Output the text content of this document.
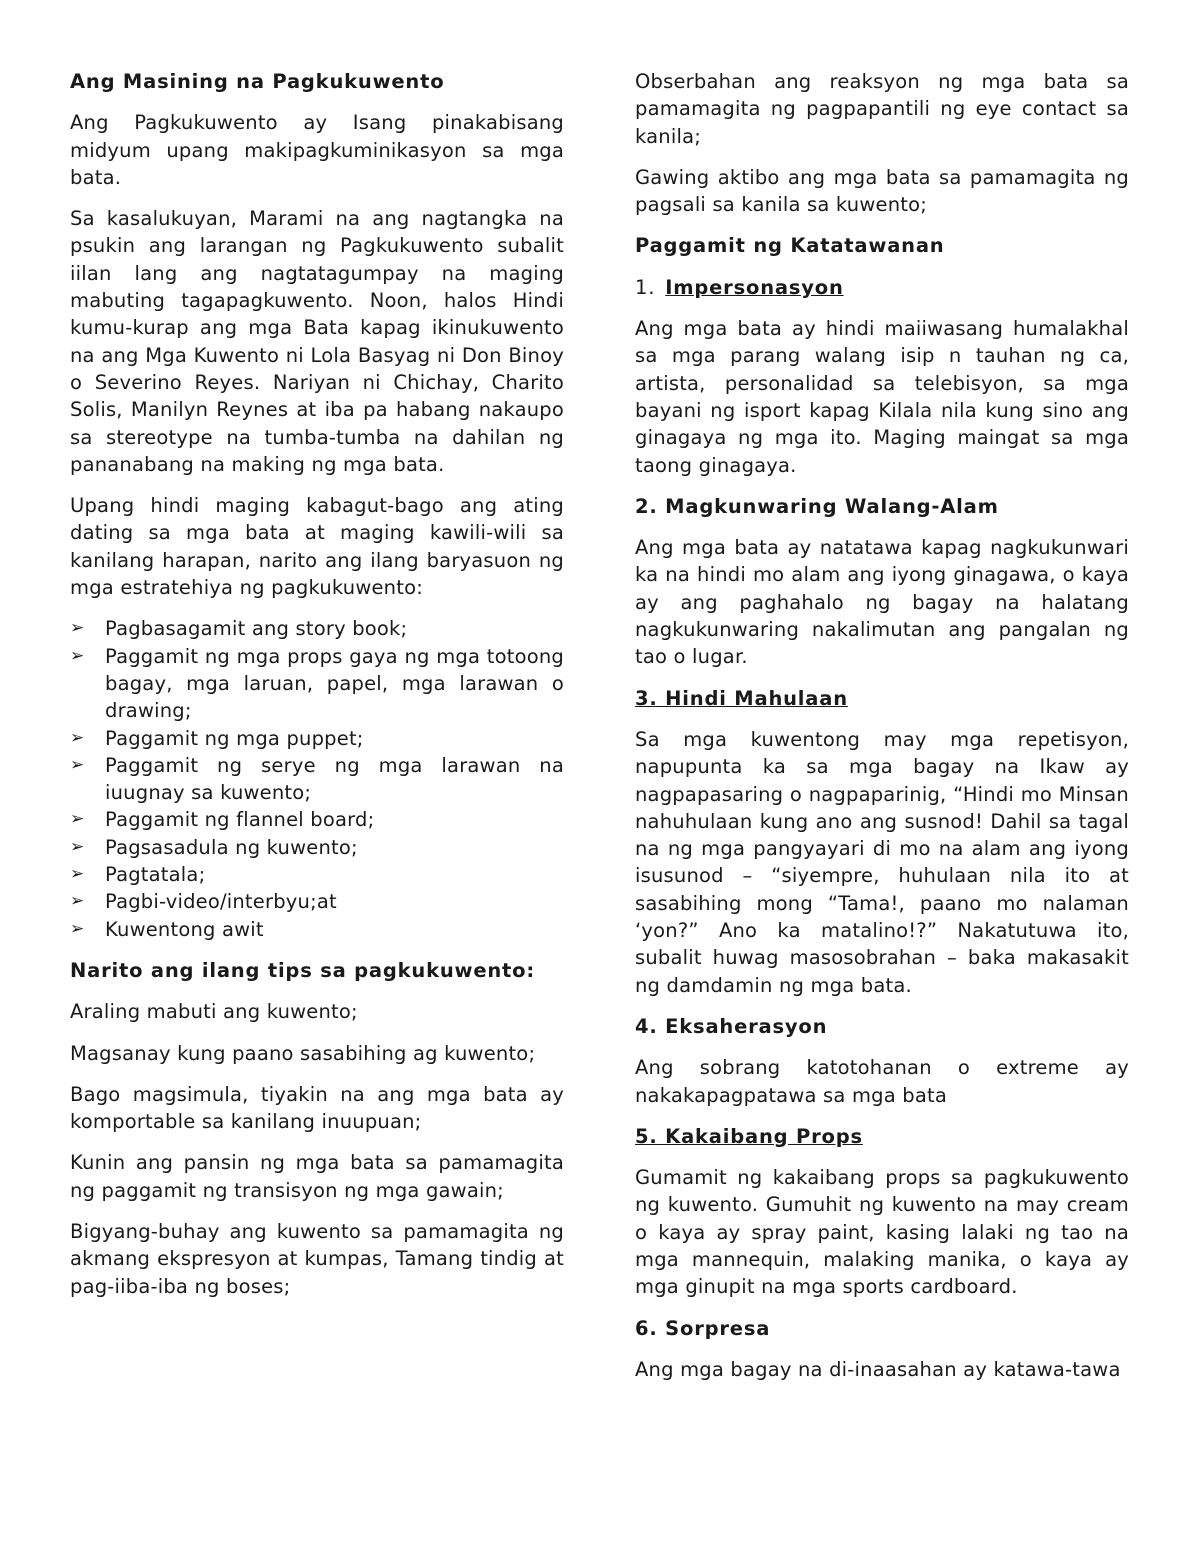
Ang Masining na Pagkukuwento

Ang Pagkukuwento ay Isang pinakabisang midyum upang makipagkuminikasyon sa mga bata.

Sa kasalukuyan, Marami na ang nagtangka na psukin ang larangan ng Pagkukuwento subalit iilan lang ang nagtatagumpay na maging mabuting tagapagkuwento. Noon, halos Hindi kumu-kurap ang mga Bata kapag ikinukuwento na ang Mga Kuwento ni Lola Basyag ni Don Binoy o Severino Reyes. Nariyan ni Chichay, Charito Solis, Manilyn Reynes at iba pa habang nakaupo sa stereotype na tumba-tumba na dahilan ng pananabang na making ng mga bata.

Upang hindi maging kabagut-bago ang ating dating sa mga bata at maging kawili-wili sa kanilang harapan, narito ang ilang baryasuon ng mga estratehiya ng pagkukuwento:

➢ Pagbasagamit ang story book;
➢ Paggamit ng mga props gaya ng mga totoong bagay, mga laruan, papel, mga larawan o drawing;
➢ Paggamit ng mga puppet;
➢ Paggamit ng serye ng mga larawan na iuugnay sa kuwento;
➢ Paggamit ng flannel board;
➢ Pagsasadula ng kuwento;
➢ Pagtatala;
➢ Pagbi-video/interbyu;at
➢ Kuwentong awit
Narito ang ilang tips sa pagkukuwento:

Araling mabuti ang kuwento;

Magsanay kung paano sasabihing ag kuwento;

Bago magsimula, tiyakin na ang mga bata ay komportable sa kanilang inuupuan;

Kunin ang pansin ng mga bata sa pamamagita ng paggamit ng transisyon ng mga gawain;

Bigyang-buhay ang kuwento sa pamamagita ng akmang ekspresyon at kumpas, Tamang tindig at pag-iiba-iba ng boses;

Obserbahan ang reaksyon ng mga bata sa pamamagita ng pagpapantili ng eye contact sa kanila;

Gawing aktibo ang mga bata sa pamamagita ng pagsali sa kanila sa kuwento;

Paggamit ng Katatawanan
1. Impersonasyon

Ang mga bata ay hindi maiiwasang humalakhal sa mga parang walang isip n tauhan ng ca, artista, personalidad sa telebisyon, sa mga bayani ng isport kapag Kilala nila kung sino ang ginagaya ng mga ito. Maging maingat sa mga taong ginagaya.

2. Magkunwaring Walang-Alam

Ang mga bata ay natatawa kapag nagkukunwari ka na hindi mo alam ang iyong ginagawa, o kaya ay ang paghahalo ng bagay na halatang nagkukunwaring nakalimutan ang pangalan ng tao o lugar.

3. Hindi Mahulaan

Sa mga kuwentong may mga repetisyon, napupunta ka sa mga bagay na Ikaw ay nagpapasaring o nagpaparinig, “Hindi mo Minsan nahuhulaan kung ano ang susnod! Dahil sa tagal na ng mga pangyayari di mo na alam ang iyong isusunod – “siyempre, huhulaan nila ito at sasabihing mong “Tama!, paano mo nalaman ‘yon?” Ano ka matalino!?” Nakatutuwa ito, subalit huwag masosobrahan – baka makasakit ng damdamin ng mga bata.

4. Eksaherasyon

Ang sobrang katotohanan o extreme ay nakakapagpatawa sa mga bata

5. Kakaibang Props

Gumamit ng kakaibang props sa pagkukuwento ng kuwento. Gumuhit ng kuwento na may cream o kaya ay spray paint, kasing lalaki ng tao na mga mannequin, malaking manika, o kaya ay mga ginupit na mga sports cardboard.

6. Sorpresa

Ang mga bagay na di-inaasahan ay katawa-tawa
